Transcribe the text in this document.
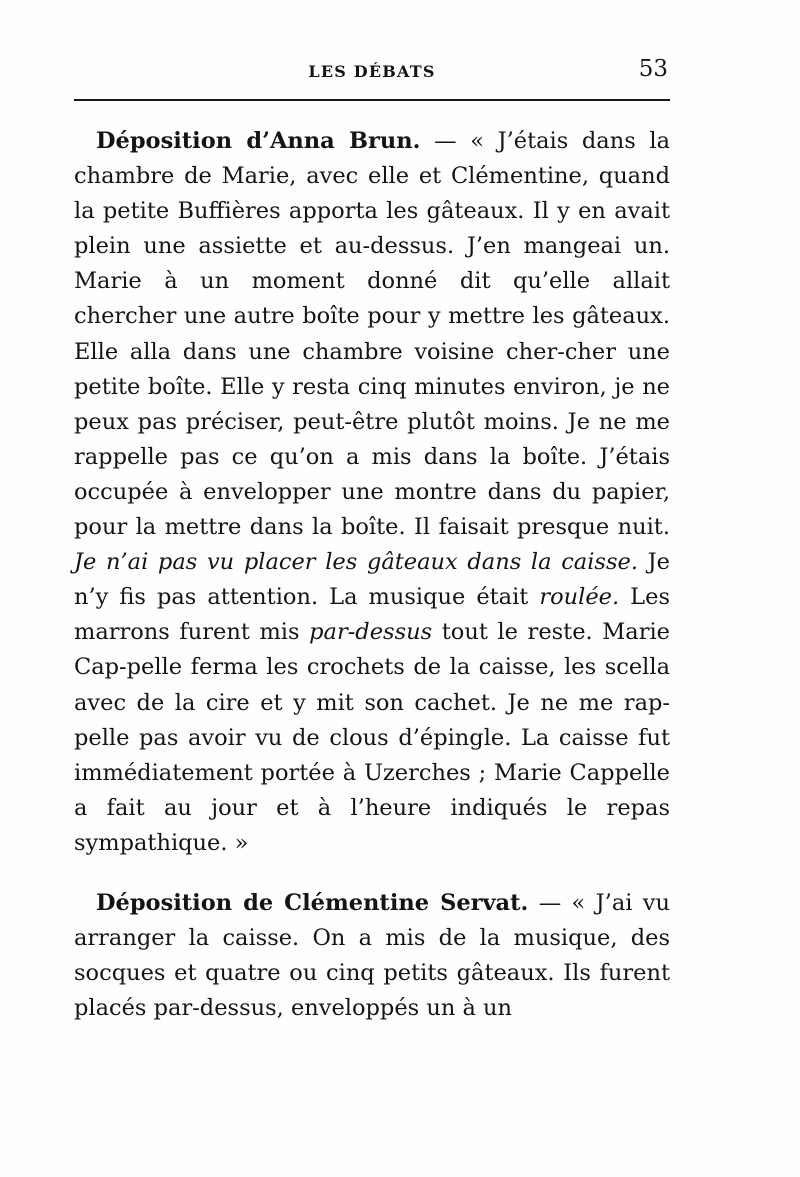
LES DÉBATS	53

Déposition d’Anna Brun. — « J’étais dans la chambre de Marie, avec elle et Clémentine, quand la petite Buffières apporta les gâteaux. Il y en avait plein une assiette et au-dessus. J’en mangeai un. Marie à un moment donné dit qu’elle allait chercher une autre boîte pour y mettre les gâteaux. Elle alla dans une chambre voisine cher-cher une petite boîte. Elle y resta cinq minutes environ, je ne peux pas préciser, peut-être plutôt moins. Je ne me rappelle pas ce qu’on a mis dans la boîte. J’étais occupée à envelopper une montre dans du papier, pour la mettre dans la boîte. Il faisait presque nuit. Je n’ai pas vu placer les gâteaux dans la caisse. Je n’y fis pas attention. La musique était roulée. Les marrons furent mis par-dessus tout le reste. Marie Cap-pelle ferma les crochets de la caisse, les scella avec de la cire et y mit son cachet. Je ne me rap-pelle pas avoir vu de clous d’épingle. La caisse fut immédiatement portée à Uzerches ; Marie Cappelle a fait au jour et à l’heure indiqués le repas sympathique. »

Déposition de Clémentine Servat. — « J’ai vu arranger la caisse. On a mis de la musique, des socques et quatre ou cinq petits gâteaux. Ils furent placés par-dessus, enveloppés un à un
